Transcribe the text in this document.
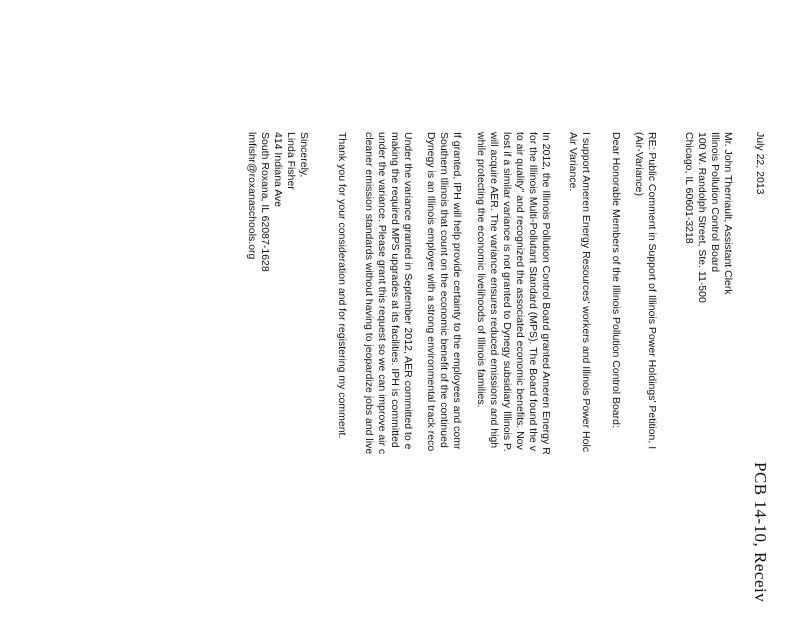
PCB 14-10, Receiv
July 22, 2013
Mr. John Therriault, Assistant Clerk
Illinois Pollution Control Board
100 W. Randolph Street, Ste. 11-500
Chicago, IL 60601-3218
RE: Public Comment in Support of Illinois Power Holdings' Petition, I
(Air-Variance)
Dear Honorable Members of the Illinois Pollution Control Board:
I support Ameren Energy Resources' workers and Illinois Power Holc
Air Variance.
In 2012, the Illinois Pollution Control Board granted Ameren Energy R
for the Illinois Multi-Pollutant Standard (MPS). The Board found the v
to air quality" and recognized the associated economic benefits. Nov
lost if a similar variance is not granted to Dynegy subsidiary Illinois P.
will acquire AER. The variance ensures reduced emissions and high
while protecting the economic livelihoods of Illinois families.
If granted, IPH will help provide certainty to the employees and comr
Southern Illinois that count on the economic benefit of the continued
Dynegy is an Illinois employer with a strong environmental track reco
Under the variance granted in September 2012, AER committed to e
making the required MPS upgrades at its facilities. IPH is committed
under the variance. Please grant this request so we can improve air c
cleaner emission standards without having to jeopardize jobs and live
Thank you for your consideration and for registering my comment.
Sincerely,
Linda Fisher
414 Indiana Ave
South Roxana, IL 62087-1628
lmfishr@roxanaschools.org
